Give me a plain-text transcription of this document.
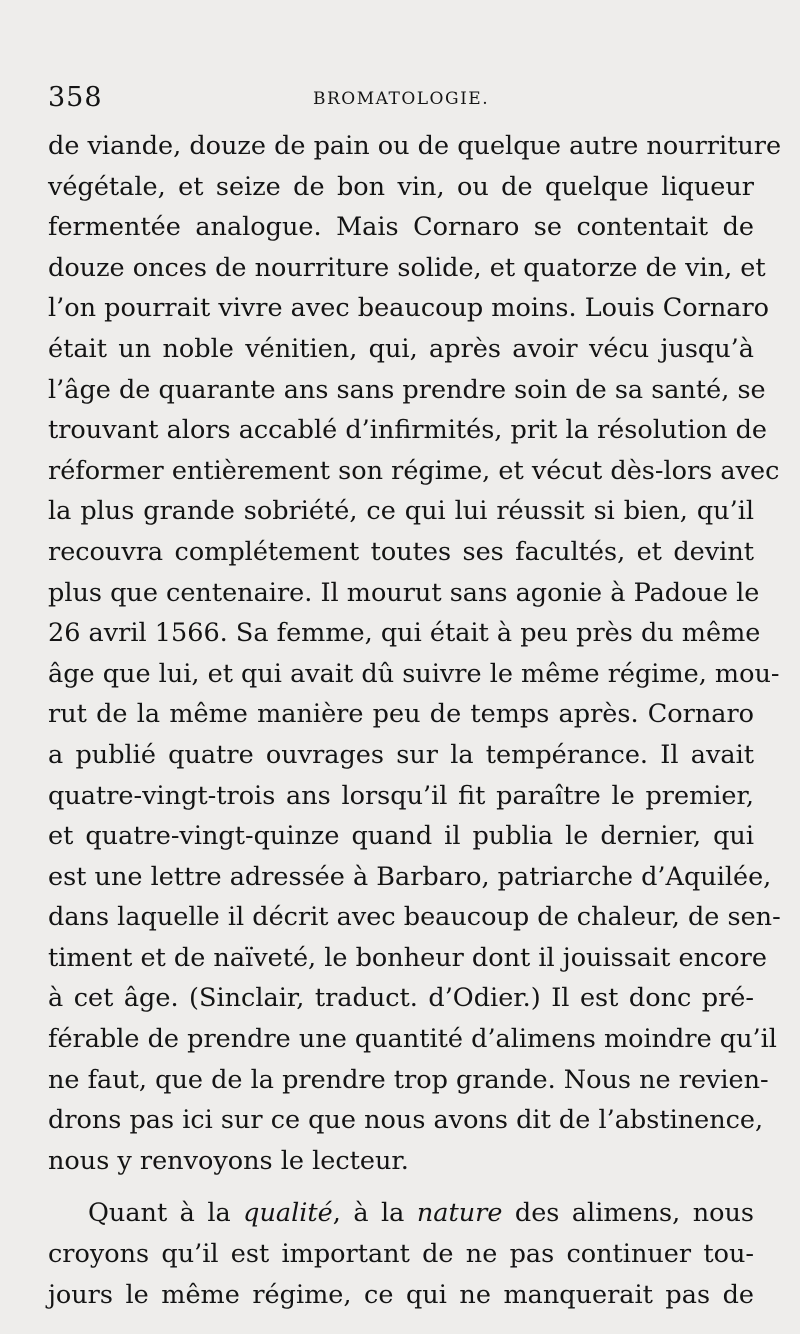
358	BROMATOLOGIE.
de viande, douze de pain ou de quelque autre nourriture
végétale, et seize de bon vin, ou de quelque liqueur
fermentée analogue. Mais Cornaro se contentait de
douze onces de nourriture solide, et quatorze de vin, et
l’on pourrait vivre avec beaucoup moins. Louis Cornaro
était un noble vénitien, qui, après avoir vécu jusqu’à
l’âge de quarante ans sans prendre soin de sa santé, se
trouvant alors accablé d’infirmités, prit la résolution de
réformer entièrement son régime, et vécut dès-lors avec
la plus grande sobriété, ce qui lui réussit si bien, qu’il
recouvra complétement toutes ses facultés, et devint
plus que centenaire. Il mourut sans agonie à Padoue le
26 avril 1566. Sa femme, qui était à peu près du même
âge que lui, et qui avait dû suivre le même régime, mou-
rut de la même manière peu de temps après. Cornaro
a publié quatre ouvrages sur la tempérance. Il avait
quatre-vingt-trois ans lorsqu’il fit paraître le premier,
et quatre-vingt-quinze quand il publia le dernier, qui
est une lettre adressée à Barbaro, patriarche d’Aquilée,
dans laquelle il décrit avec beaucoup de chaleur, de sen-
timent et de naïveté, le bonheur dont il jouissait encore
à cet âge. (Sinclair, traduct. d’Odier.) Il est donc pré-
férable de prendre une quantité d’alimens moindre qu’il
ne faut, que de la prendre trop grande. Nous ne revien-
drons pas ici sur ce que nous avons dit de l’abstinence,
nous y renvoyons le lecteur.
Quant à la qualité, à la nature des alimens, nous
croyons qu’il est important de ne pas continuer tou-
jours le même régime, ce qui ne manquerait pas de
